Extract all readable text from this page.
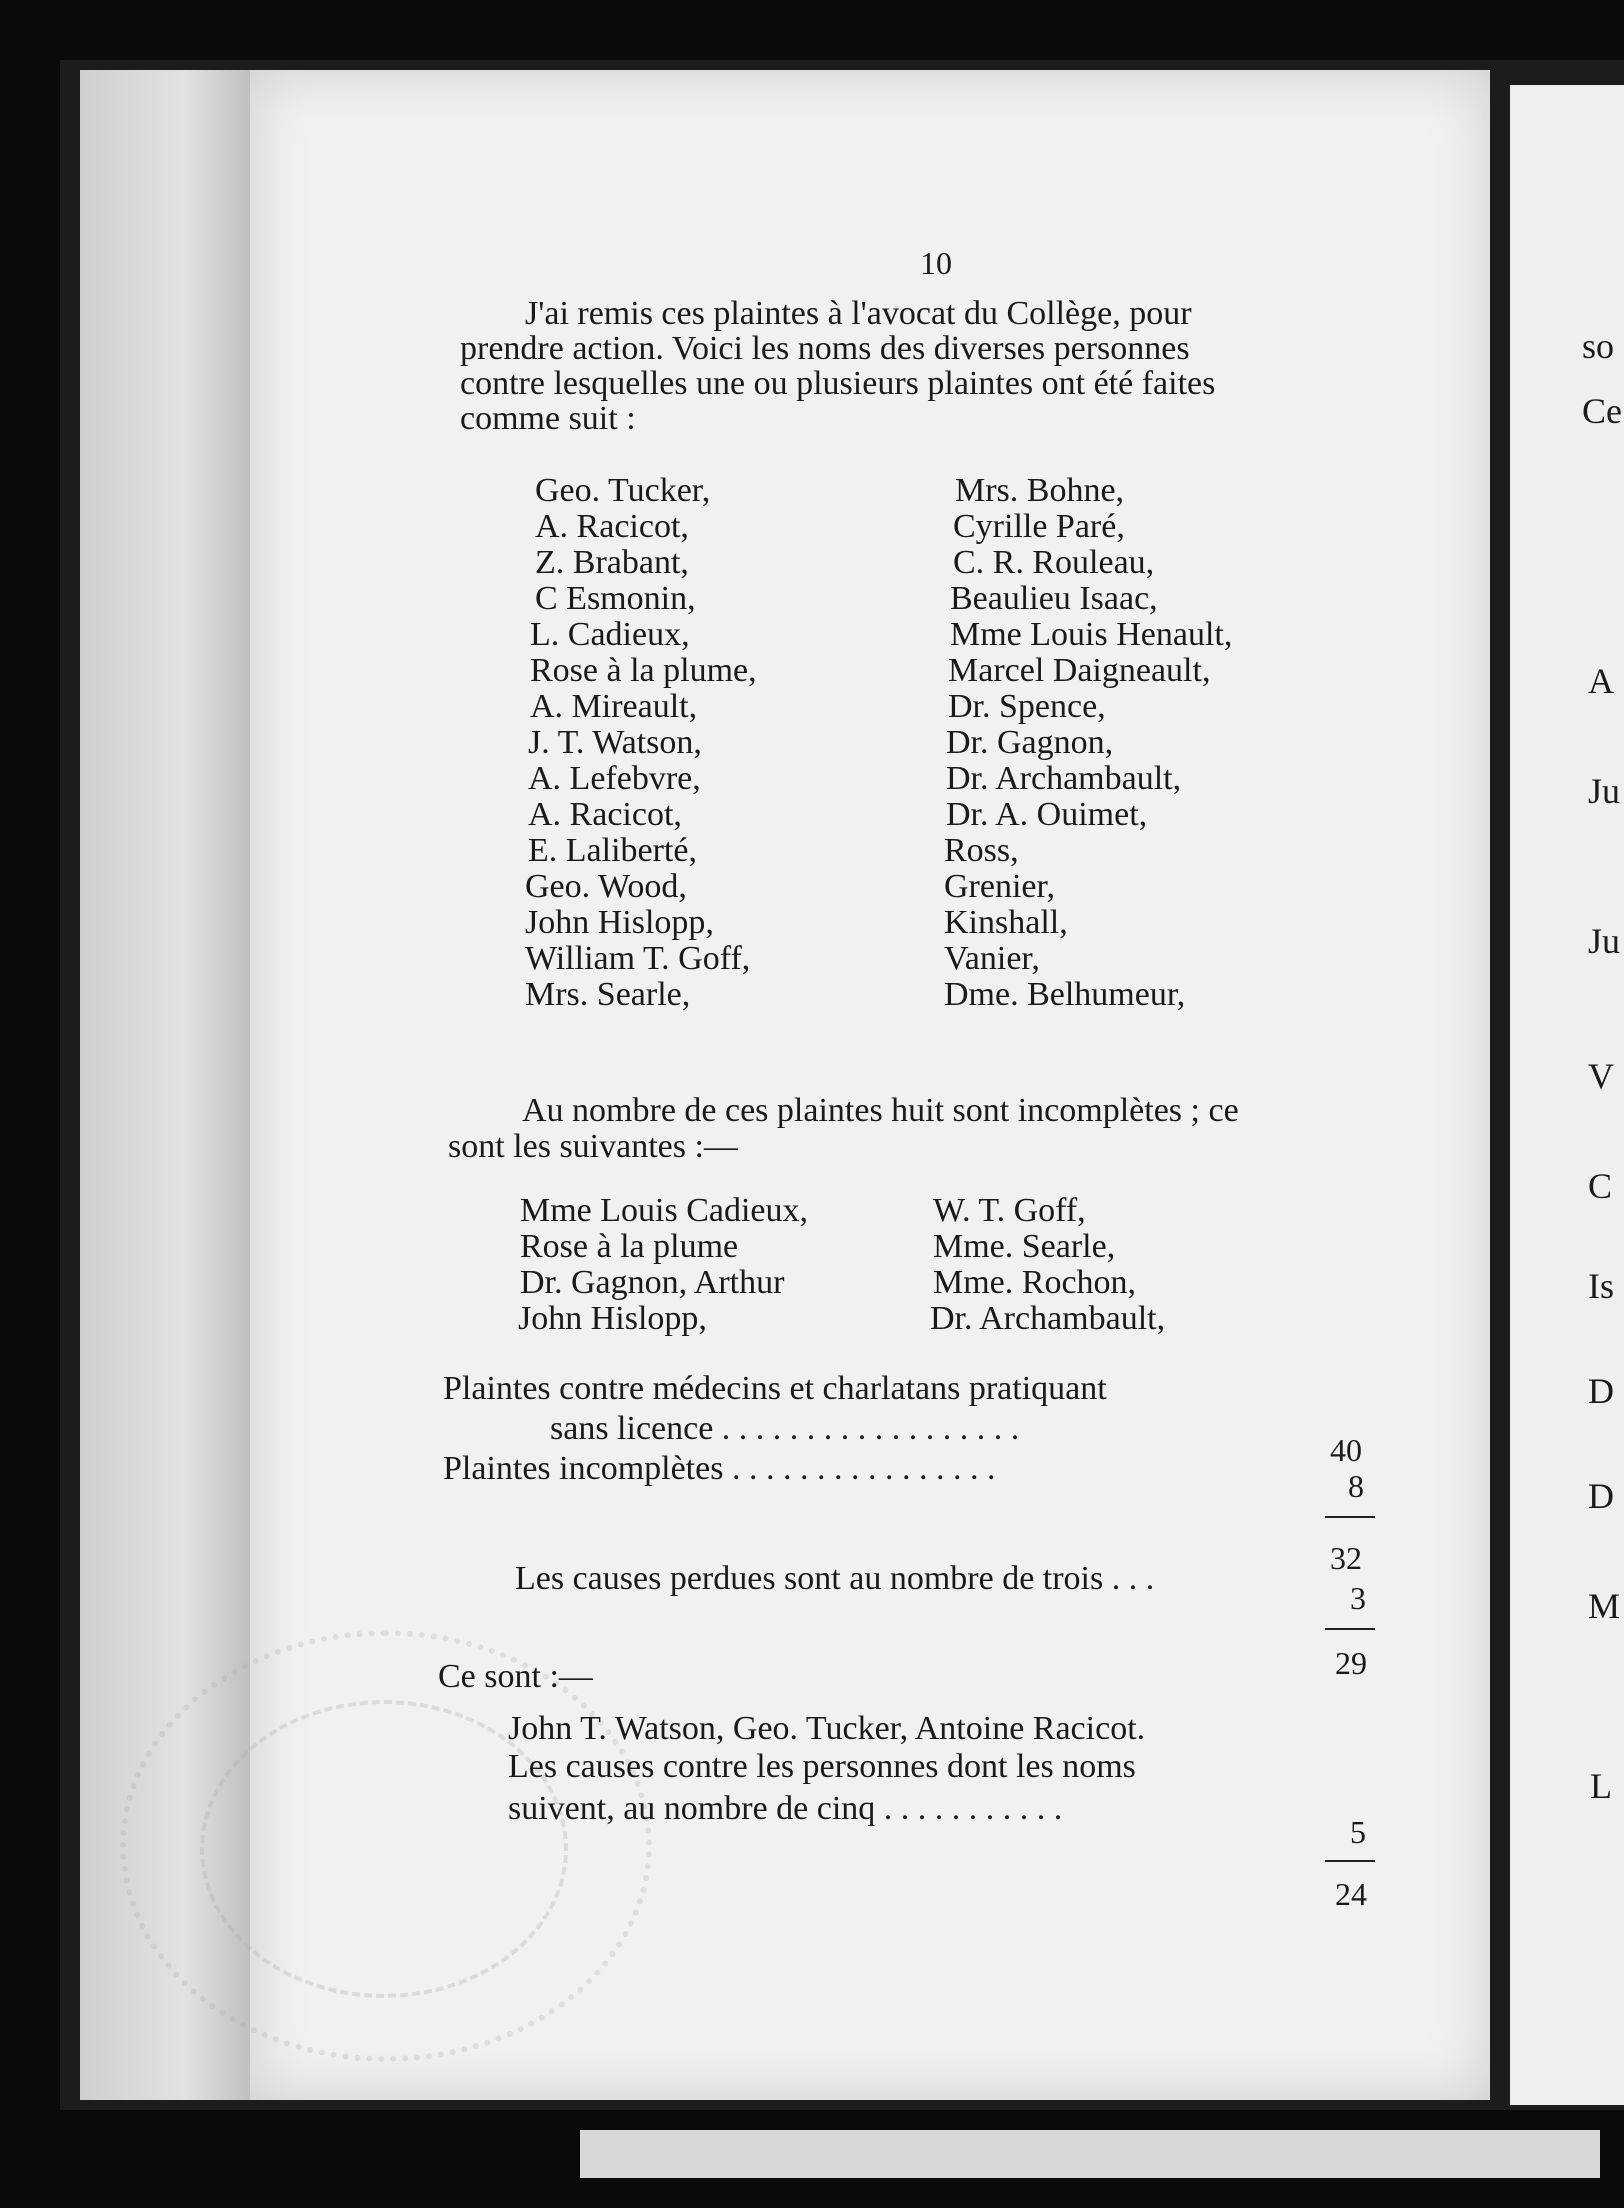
10
J'ai remis ces plaintes à l'avocat du Collège, pour
prendre action. Voici les noms des diverses personnes
contre lesquelles une ou plusieurs plaintes ont été faites
comme suit :
Geo. Tucker,
A. Racicot,
Z. Brabant,
C Esmonin,
L. Cadieux,
Rose à la plume,
A. Mireault,
J. T. Watson,
A. Lefebvre,
A. Racicot,
E. Laliberté,
Geo. Wood,
John Hislopp,
William T. Goff,
Mrs. Searle,
Mrs. Bohne,
Cyrille Paré,
C. R. Rouleau,
Beaulieu Isaac,
Mme Louis Henault,
Marcel Daigneault,
Dr. Spence,
Dr. Gagnon,
Dr. Archambault,
Dr. A. Ouimet,
Ross,
Grenier,
Kinshall,
Vanier,
Dme. Belhumeur,
Au nombre de ces plaintes huit sont incomplètes ; ce
sont les suivantes :—
Mme Louis Cadieux,
Rose à la plume
Dr. Gagnon, Arthur
John Hislopp,
W. T. Goff,
Mme. Searle,
Mme. Rochon,
Dr. Archambault,
Plaintes contre médecins et charlatans pratiquant
sans licence . . . . . . . . . . . . . . . . . .
40
Plaintes incomplètes . . . . . . . . . . . . . . . .	8
32
Les causes perdues sont au nombre de trois . . .
3
29
Ce sont :—
John T. Watson, Geo. Tucker, Antoine Racicot.
Les causes contre les personnes dont les noms
suivent, au nombre de cinq . . . . . . . . . . .
5
24
so
Ce
A
Ju
Ju
V
C
Is
D
D
M
L
